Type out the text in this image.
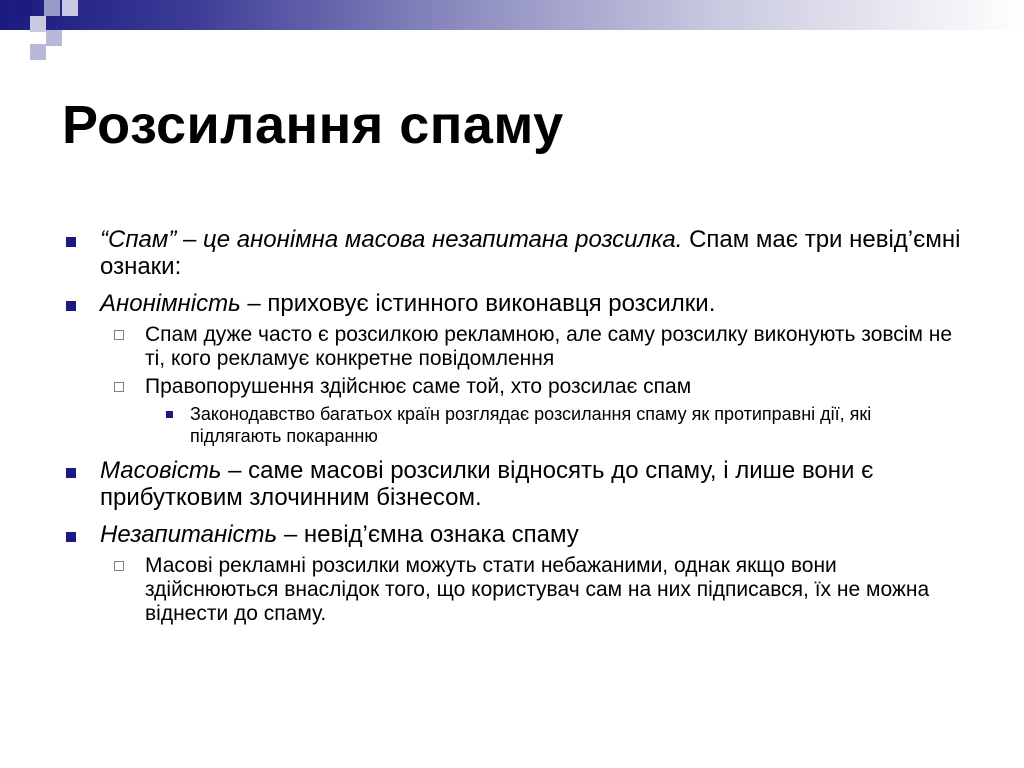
Розсилання спаму
“Спам” – це анонімна масова незапитана розсилка. Спам має три невід’ємні ознаки:
Анонімність – приховує істинного виконавця розсилки.
Спам дуже часто є розсилкою рекламною, але саму розсилку виконують зовсім не ті, кого рекламує конкретне повідомлення
Правопорушення здійснює саме той, хто розсилає спам
Законодавство багатьох країн розглядає розсилання спаму як протиправні дії, які підлягають покаранню
Масовість – саме масові розсилки відносять до спаму, і лише вони є прибутковим злочинним бізнесом.
Незапитаність – невід’ємна ознака спаму
Масові рекламні розсилки можуть стати небажаними, однак якщо вони здійснюються внаслідок того, що користувач сам на них підписався, їх не можна віднести до спаму.
